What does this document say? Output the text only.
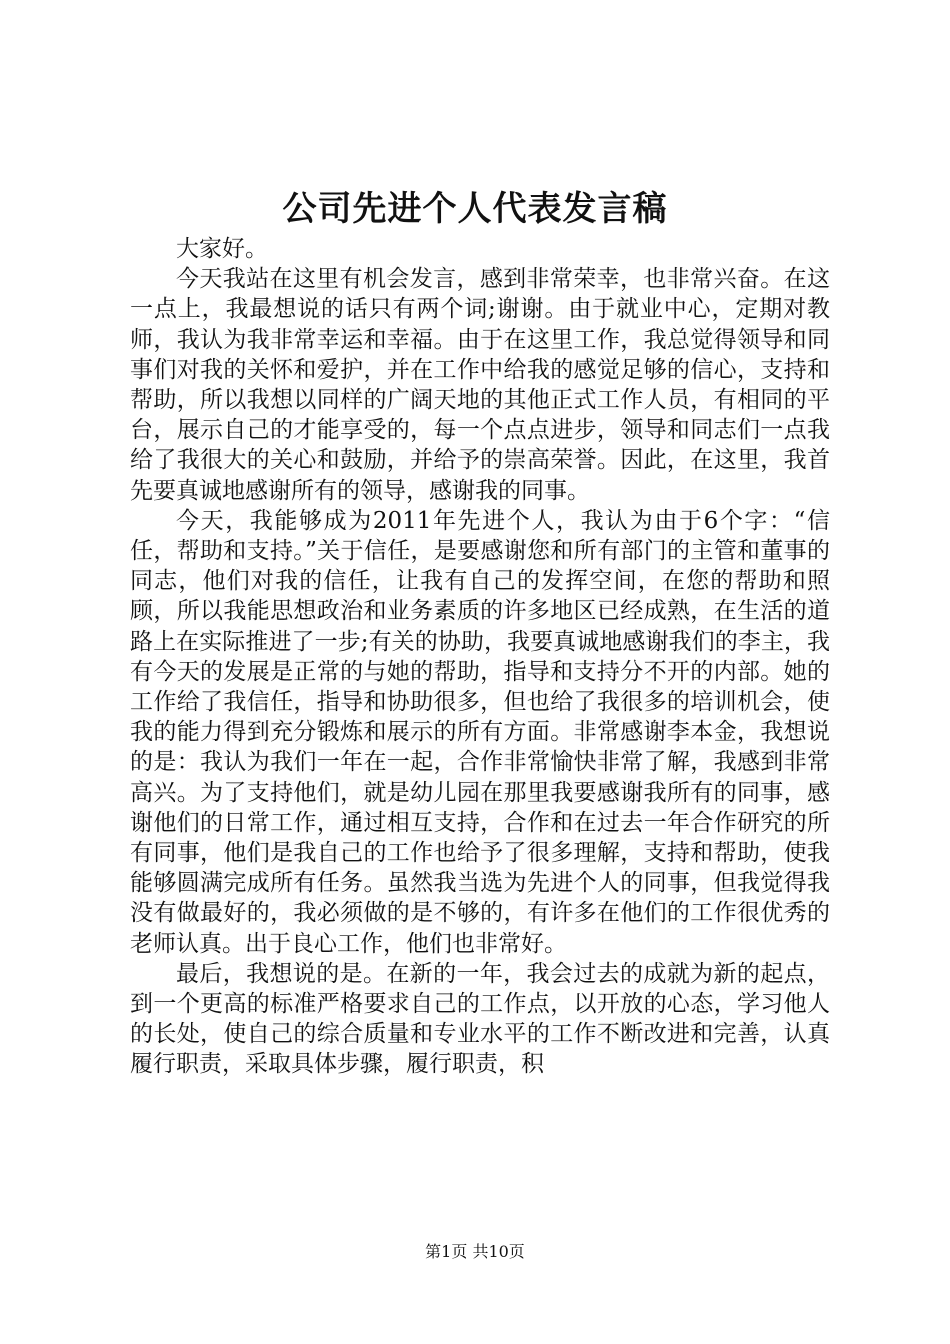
公司先进个人代表发言稿

大家好。

今天我站在这里有机会发言，感到非常荣幸，也非常兴奋。在这一点上，我最想说的话只有两个词;谢谢。由于就业中心，定期对教师，我认为我非常幸运和幸福。由于在这里工作，我总觉得领导和同事们对我的关怀和爱护，并在工作中给我的感觉足够的信心，支持和帮助，所以我想以同样的广阔天地的其他正式工作人员，有相同的平台，展示自己的才能享受的，每一个点点进步，领导和同志们一点我给了我很大的关心和鼓励，并给予的崇高荣誉。因此，在这里，我首先要真诚地感谢所有的领导，感谢我的同事。

今天，我能够成为2011年先进个人，我认为由于6个字：“信任，帮助和支持。”关于信任，是要感谢您和所有部门的主管和董事的同志，他们对我的信任，让我有自己的发挥空间，在您的帮助和照顾，所以我能思想政治和业务素质的许多地区已经成熟，在生活的道路上在实际推进了一步;有关的协助，我要真诚地感谢我们的李主，我有今天的发展是正常的与她的帮助，指导和支持分不开的内部。她的工作给了我信任，指导和协助很多，但也给了我很多的培训机会，使我的能力得到充分锻炼和展示的所有方面。非常感谢李本金，我想说的是：我认为我们一年在一起，合作非常愉快非常了解，我感到非常高兴。为了支持他们，就是幼儿园在那里我要感谢我所有的同事，感谢他们的日常工作，通过相互支持，合作和在过去一年合作研究的所有同事，他们是我自己的工作也给予了很多理解，支持和帮助，使我能够圆满完成所有任务。虽然我当选为先进个人的同事，但我觉得我没有做最好的，我必须做的是不够的，有许多在他们的工作很优秀的老师认真。出于良心工作，他们也非常好。

最后，我想说的是。在新的一年，我会过去的成就为新的起点，到一个更高的标准严格要求自己的工作点，以开放的心态，学习他人的长处，使自己的综合质量和专业水平的工作不断改进和完善，认真履行职责，采取具体步骤，履行职责，积

第1页 共10页
